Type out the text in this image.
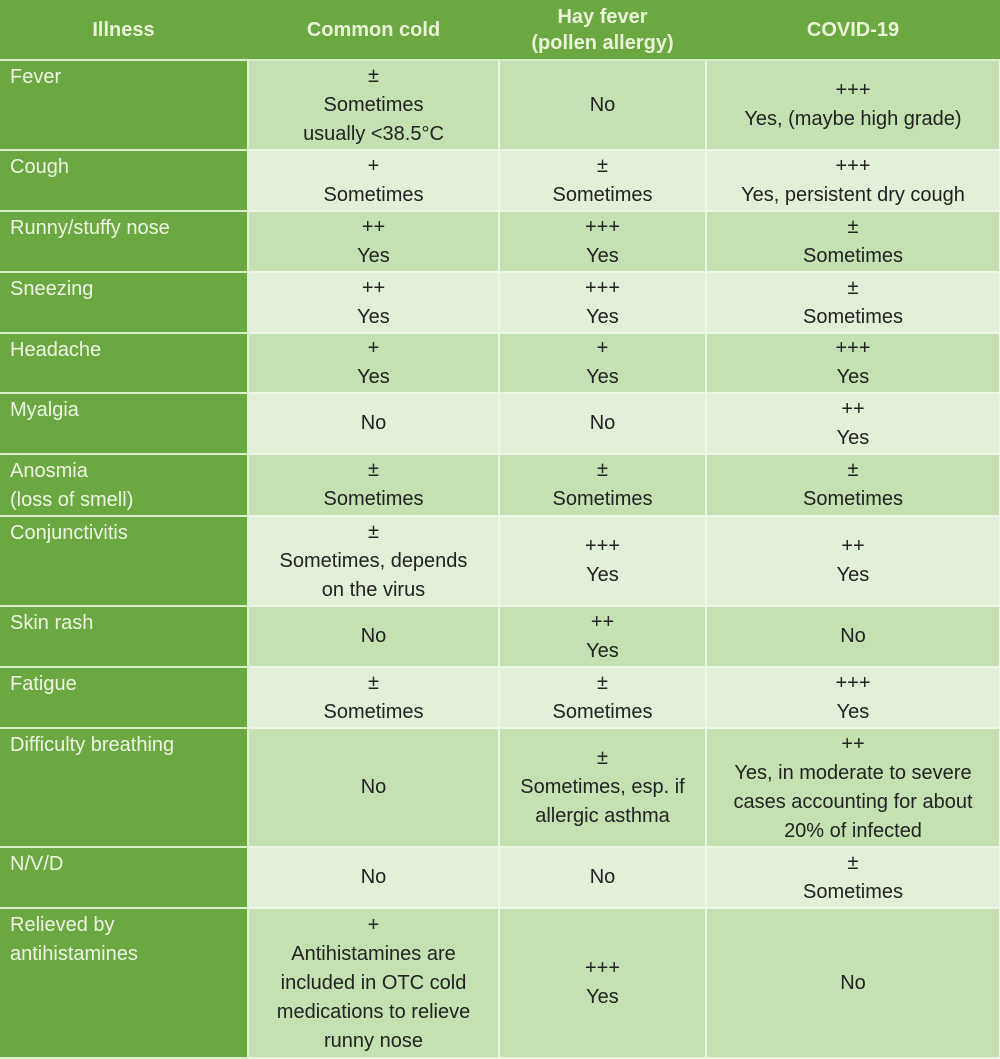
Illness	Common cold	Hay fever
(pollen allergy)	COVID-19

Fever	±
Sometimes
usually <38.5°C	No	+++
Yes, (maybe high grade)

Cough	+
Sometimes	±
Sometimes	+++
Yes, persistent dry cough

Runny/stuffy nose	++
Yes	+++
Yes	±
Sometimes

Sneezing	++
Yes	+++
Yes	±
Sometimes

Headache	+
Yes	+
Yes	+++
Yes

Myalgia	No	No	++
Yes

Anosmia
(loss of smell)	±
Sometimes	±
Sometimes	±
Sometimes

Conjunctivitis	±
Sometimes, depends
on the virus	+++
Yes	++
Yes

Skin rash	No	++
Yes	No

Fatigue	±
Sometimes	±
Sometimes	+++
Yes

Difficulty breathing	No	±
Sometimes, esp. if
allergic asthma	++
Yes, in moderate to severe
cases accounting for about
20% of infected

N/V/D	No	No	±
Sometimes

Relieved by
antihistamines	+
Antihistamines are
included in OTC cold
medications to relieve
runny nose	+++
Yes	No
